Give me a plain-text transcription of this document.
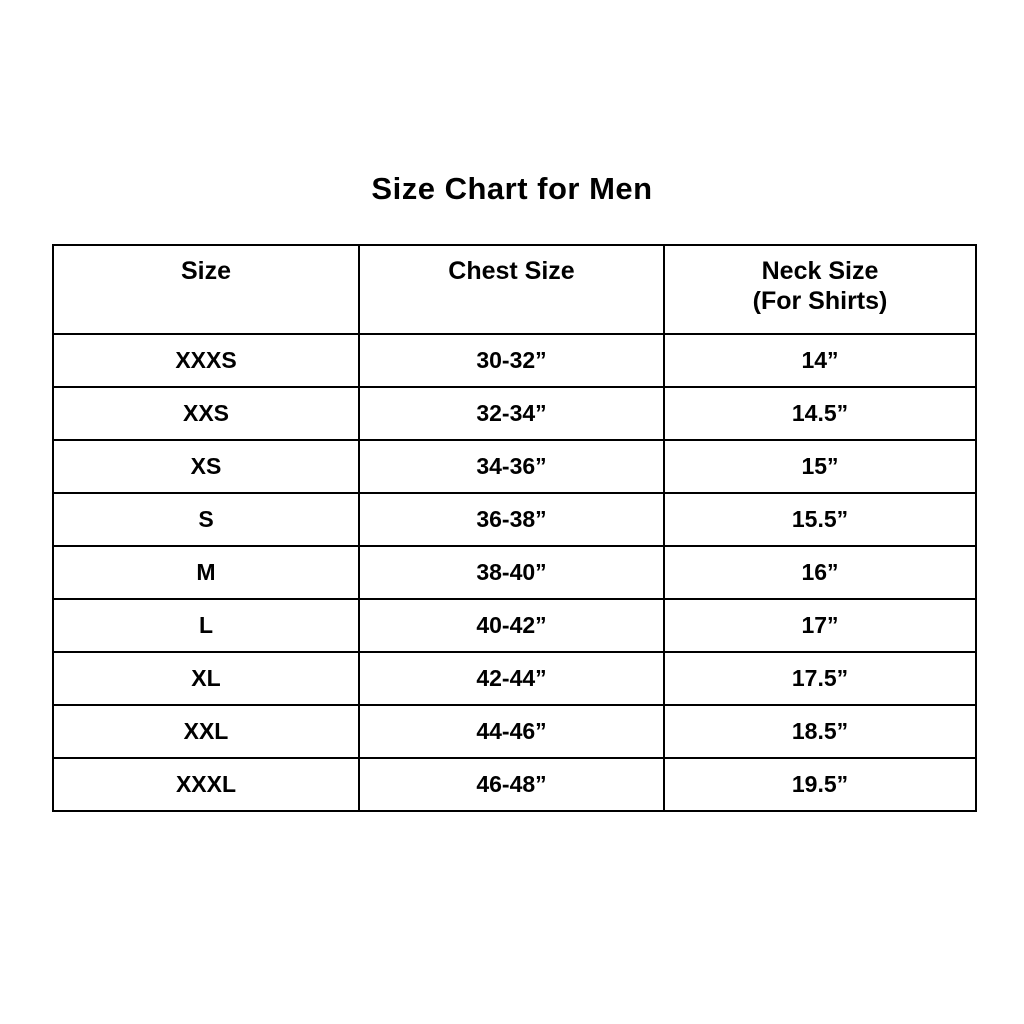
Size Chart for Men
Size	Chest Size	Neck Size
(For Shirts)
XXXS	30-32”	14”
XXS	32-34”	14.5”
XS	34-36”	15”
S	36-38”	15.5”
M	38-40”	16”
L	40-42”	17”
XL	42-44”	17.5”
XXL	44-46”	18.5”
XXXL	46-48”	19.5”
